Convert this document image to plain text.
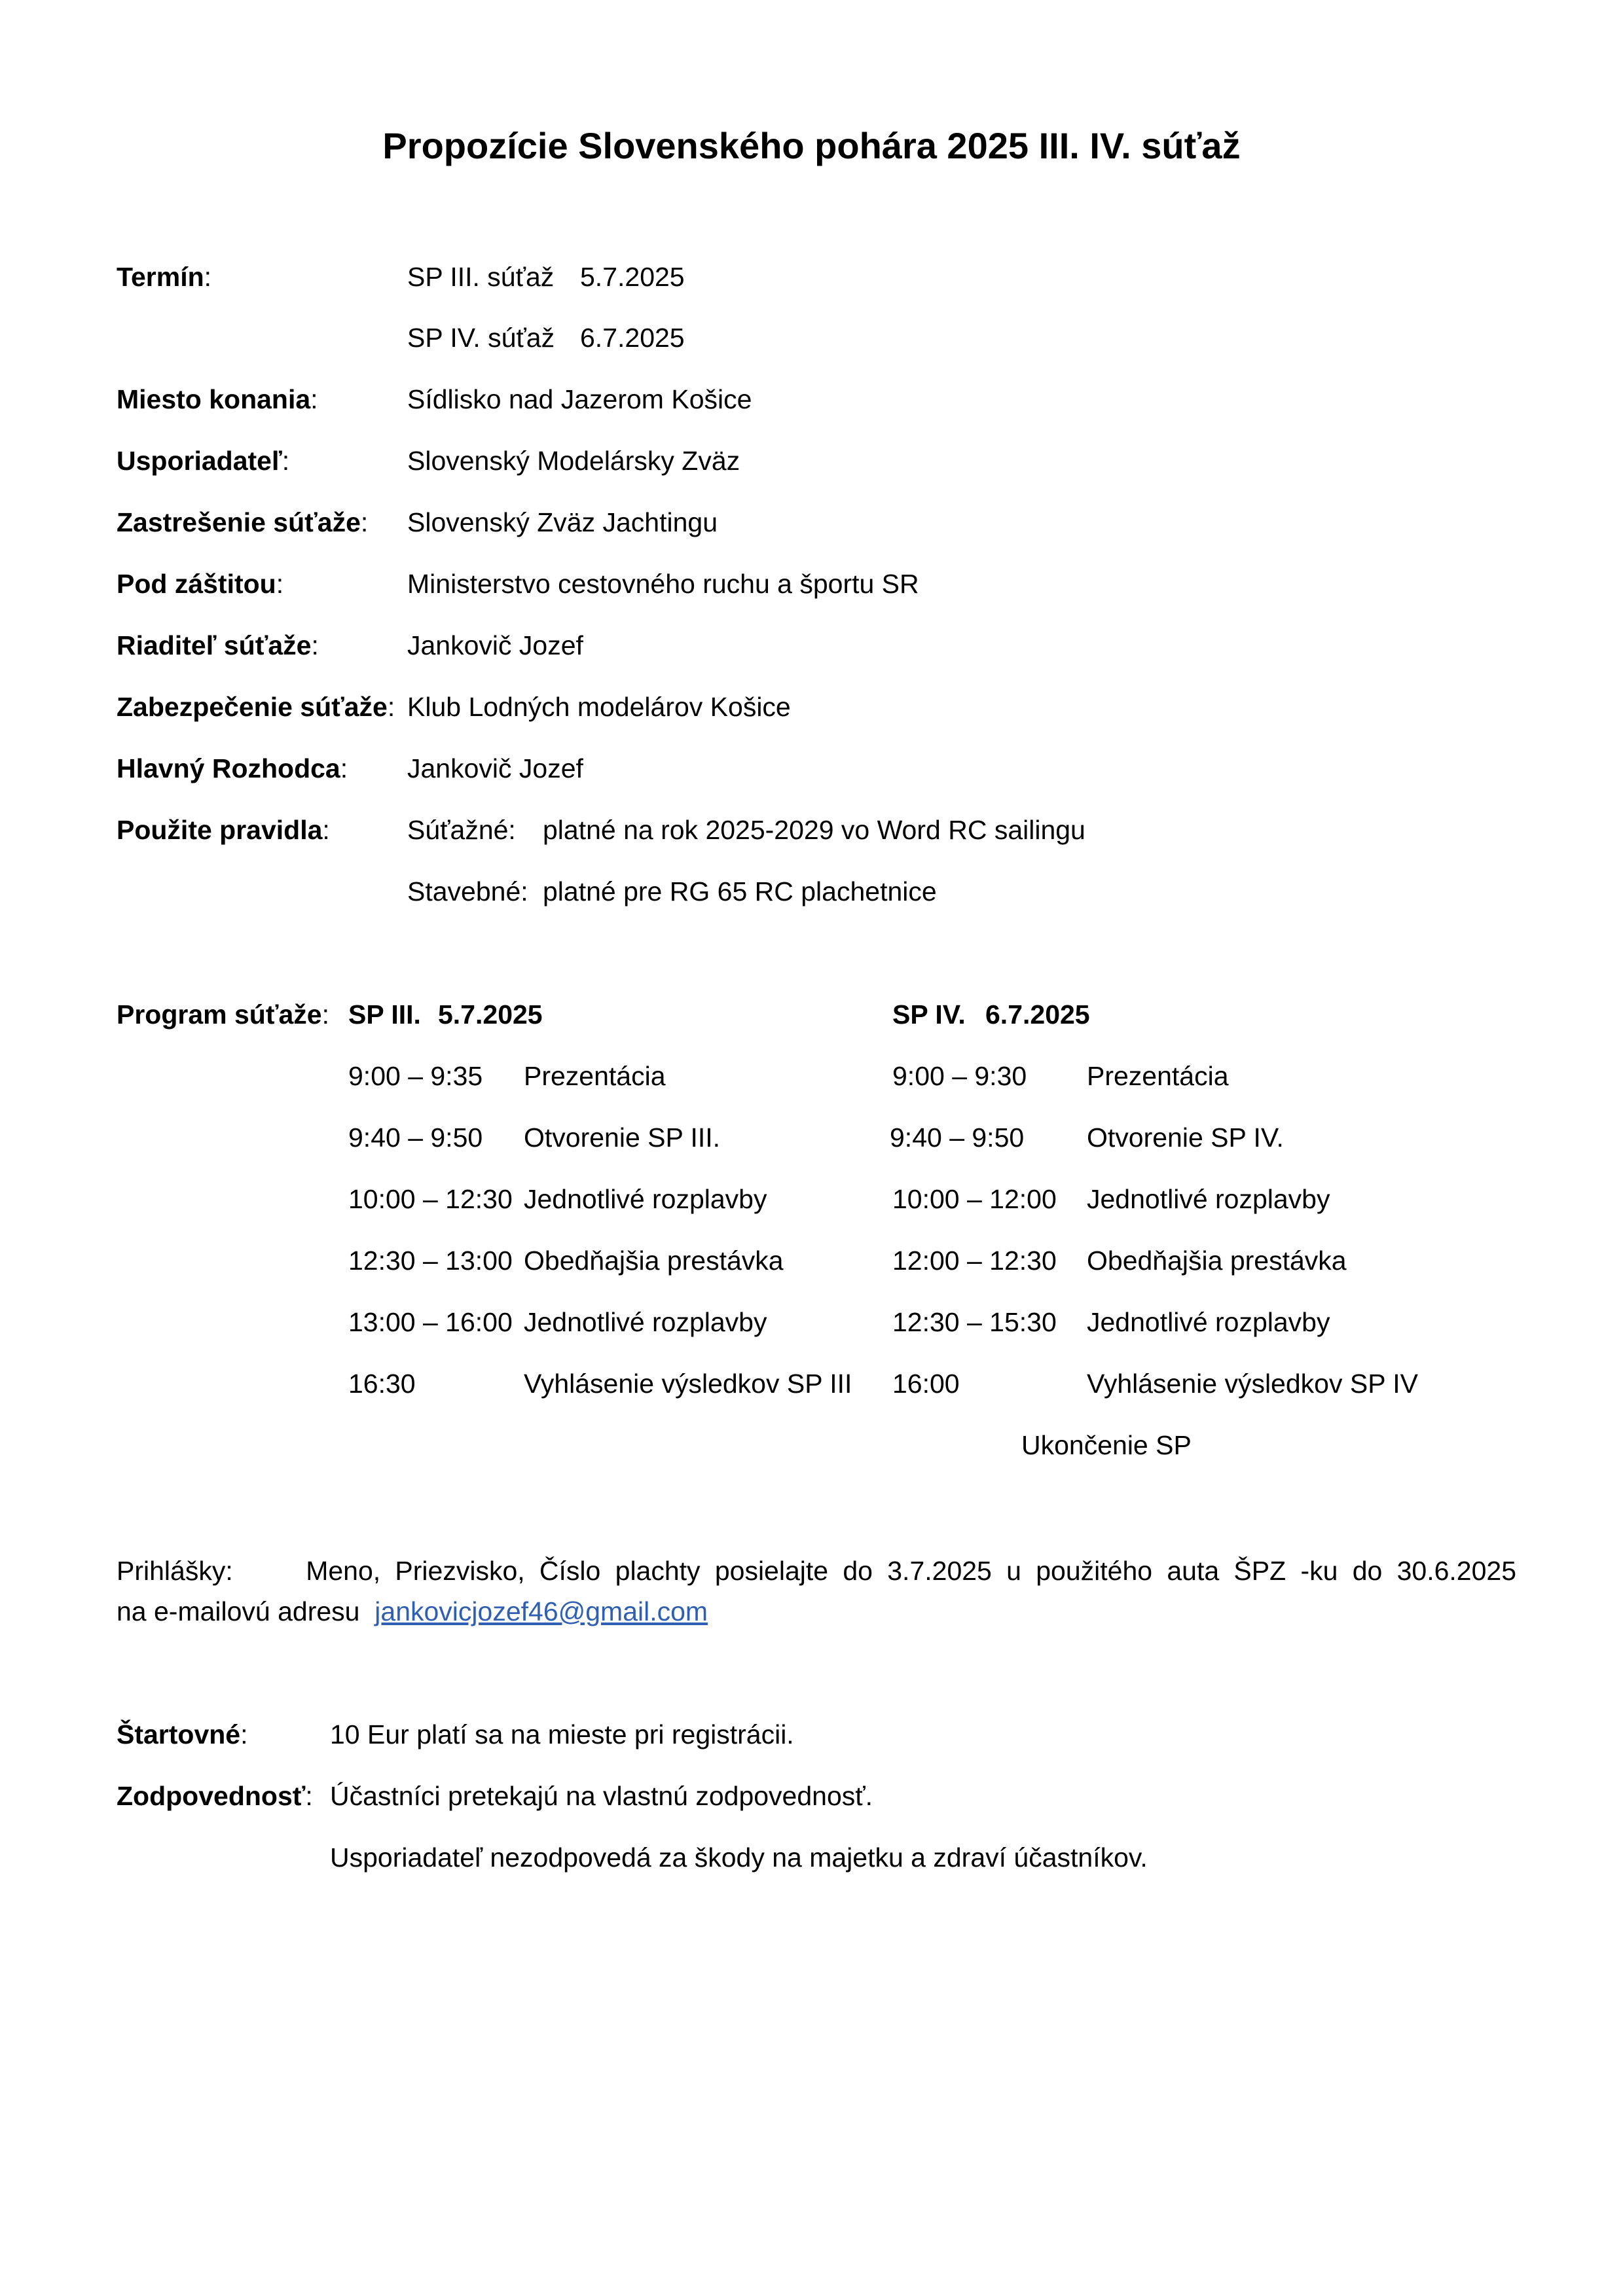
Propozície Slovenského pohára 2025 III. IV. súťaž
Termín:	SP III. súťaž 5.7.2025
SP IV. súťaž 6.7.2025
Miesto konania:	Sídlisko nad Jazerom Košice
Usporiadateľ:	Slovenský Modelársky Zväz
Zastrešenie súťaže: Slovenský Zväz Jachtingu
Pod záštitou:	Ministerstvo cestovného ruchu a športu SR
Riaditeľ súťaže:	Jankovič Jozef
Zabezpečenie súťaže: Klub Lodných modelárov Košice
Hlavný Rozhodca: Jankovič Jozef
Použite pravidla:	Súťažné: platné na rok 2025-2029 vo Word RC sailingu
Stavebné: platné pre RG 65 RC plachetnice
Program súťaže: SP III. 5.7.2025
9:00 – 9:35 Prezentácia
9:40 – 9:50 Otvorenie SP III.
10:00 – 12:30 Jednotlivé rozplavby
12:30 – 13:00 Obedňajšia prestávka
13:00 – 16:00 Jednotlivé rozplavby
16:30	Vyhlásenie výsledkov SP III
SP IV. 6.7.2025
9:00 – 9:30 Prezentácia
9:40 – 9:50 Otvorenie SP IV.
10:00 – 12:00 Jednotlivé rozplavby
12:00 – 12:30 Obedňajšia prestávka
12:30 – 15:30 Jednotlivé rozplavby
16:00	Vyhlásenie výsledkov SP IV
Ukončenie SP
Prihlášky:	Meno, Priezvisko, Číslo plachty posielajte do 3.7.2025 u použitého auta ŠPZ -ku do 30.6.2025
na e-mailovú adresu jankovicjozef46@gmail.com
Štartovné:	10 Eur platí sa na mieste pri registrácii.
Zodpovednosť: Účastníci pretekajú na vlastnú zodpovednosť.
Usporiadateľ nezodpovedá za škody na majetku a zdraví účastníkov.
